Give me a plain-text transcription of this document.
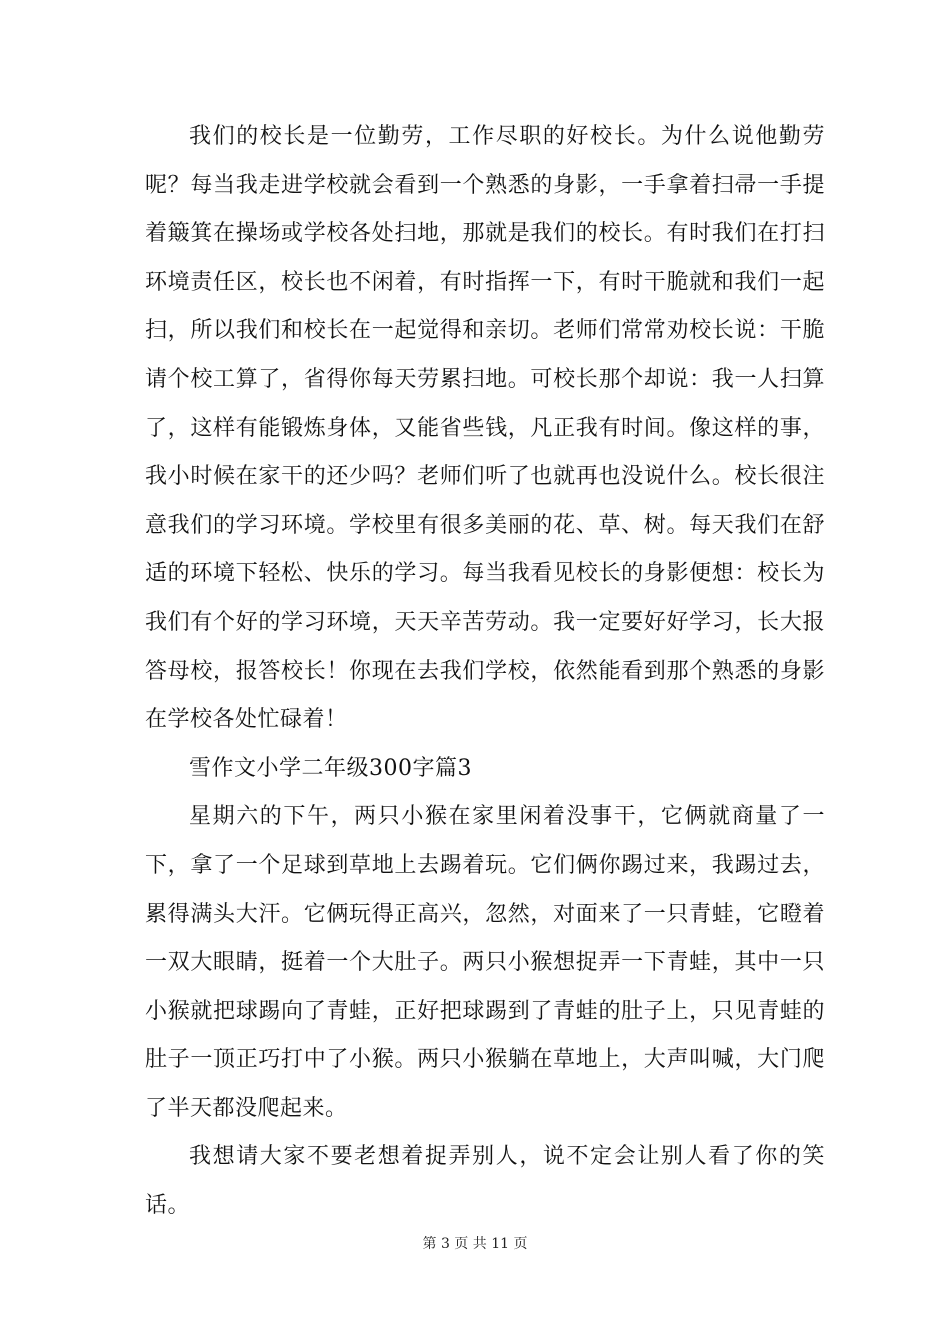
我们的校长是一位勤劳，工作尽职的好校长。为什么说他勤劳呢？每当我走进学校就会看到一个熟悉的身影，一手拿着扫帚一手提着簸箕在操场或学校各处扫地，那就是我们的校长。有时我们在打扫环境责任区，校长也不闲着，有时指挥一下，有时干脆就和我们一起扫，所以我们和校长在一起觉得和亲切。老师们常常劝校长说：干脆请个校工算了，省得你每天劳累扫地。可校长那个却说：我一人扫算了，这样有能锻炼身体，又能省些钱，凡正我有时间。像这样的事，我小时候在家干的还少吗？老师们听了也就再也没说什么。校长很注意我们的学习环境。学校里有很多美丽的花、草、树。每天我们在舒适的环境下轻松、快乐的学习。每当我看见校长的身影便想：校长为我们有个好的学习环境，天天辛苦劳动。我一定要好好学习，长大报答母校，报答校长！你现在去我们学校，依然能看到那个熟悉的身影在学校各处忙碌着！

雪作文小学二年级300字篇3

星期六的下午，两只小猴在家里闲着没事干，它俩就商量了一下，拿了一个足球到草地上去踢着玩。它们俩你踢过来，我踢过去，累得满头大汗。它俩玩得正高兴，忽然，对面来了一只青蛙，它瞪着一双大眼睛，挺着一个大肚子。两只小猴想捉弄一下青蛙，其中一只小猴就把球踢向了青蛙，正好把球踢到了青蛙的肚子上，只见青蛙的肚子一顶正巧打中了小猴。两只小猴躺在草地上，大声叫喊，大门爬了半天都没爬起来。

我想请大家不要老想着捉弄别人，说不定会让别人看了你的笑话。

第 3 页 共 11 页
